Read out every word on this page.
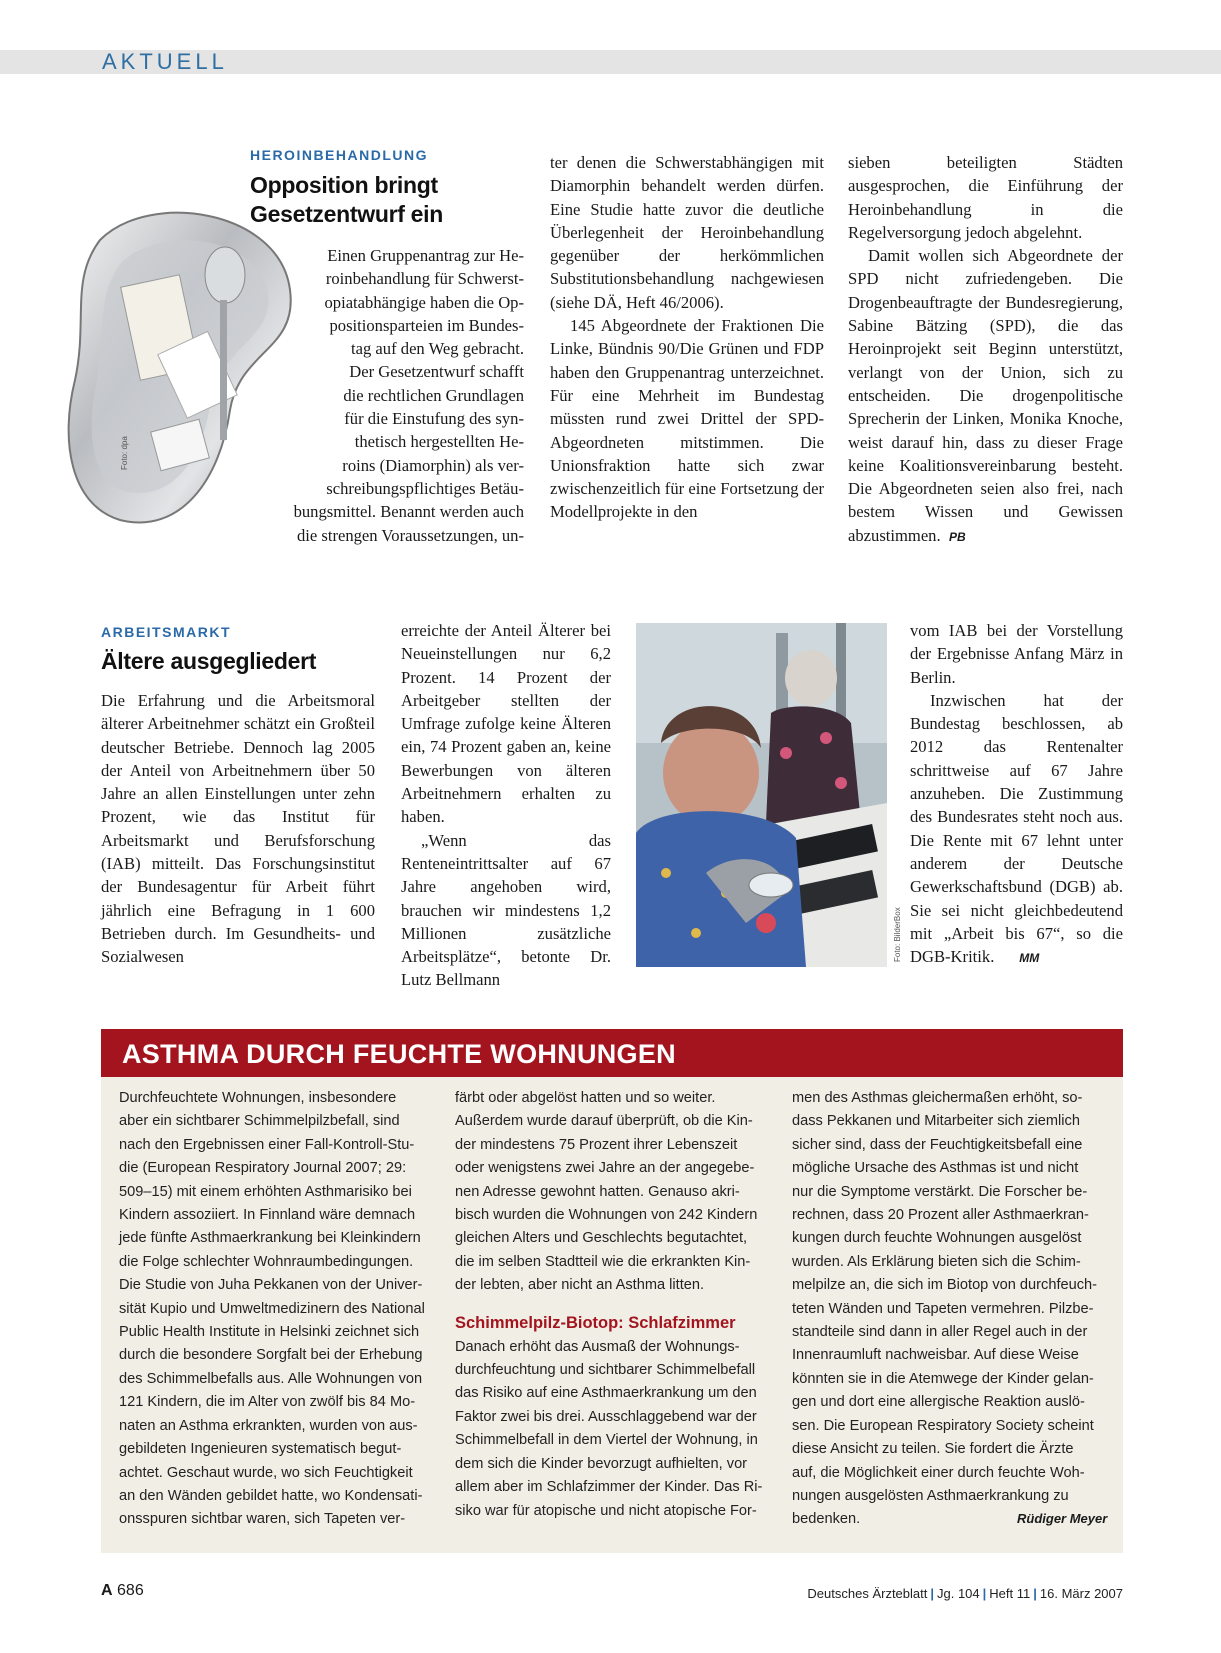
AKTUELL
Foto: dpa
HEROINBEHANDLUNG
Opposition bringt
Gesetzentwurf ein
Einen Gruppenantrag zur He-
roinbehandlung für Schwerst-
opiatabhängige haben die Op-
positionsparteien im Bundes-
tag auf den Weg gebracht.
Der Gesetzentwurf schafft
die rechtlichen Grundlagen
für die Einstufung des syn-
thetisch hergestellten He-
roins (Diamorphin) als ver-
schreibungspflichtiges Betäu-
bungsmittel. Benannt werden auch
die strengen Voraussetzungen, un-

ter denen die Schwerstabhängigen mit Diamorphin behandelt werden dürfen. Eine Studie hatte zuvor die deutliche Überlegenheit der Heroinbehandlung gegenüber der herkömmlichen Substitutionsbehandlung nachgewiesen (siehe DÄ, Heft 46/2006).

145 Abgeordnete der Fraktionen Die Linke, Bündnis 90/Die Grünen und FDP haben den Gruppenantrag unterzeichnet. Für eine Mehrheit im Bundestag müssten rund zwei Drittel der SPD-Abgeordneten mitstimmen. Die Unionsfraktion hatte sich zwar zwischenzeitlich für eine Fortsetzung der Modellprojekte in den

sieben beteiligten Städten ausgesprochen, die Einführung der Heroinbehandlung in die Regelversorgung jedoch abgelehnt.

Damit wollen sich Abgeordnete der SPD nicht zufriedengeben. Die Drogenbeauftragte der Bundesregierung, Sabine Bätzing (SPD), die das Heroinprojekt seit Beginn unterstützt, verlangt von der Union, sich zu entscheiden. Die drogenpolitische Sprecherin der Linken, Monika Knoche, weist darauf hin, dass zu dieser Frage keine Koalitionsvereinbarung besteht. Die Abgeordneten seien also frei, nach bestem Wissen und Gewissen abzustimmen. PB

ARBEITSMARKT
Ältere ausgegliedert

Die Erfahrung und die Arbeitsmoral älterer Arbeitnehmer schätzt ein Großteil deutscher Betriebe. Dennoch lag 2005 der Anteil von Arbeitnehmern über 50 Jahre an allen Einstellungen unter zehn Prozent, wie das Institut für Arbeitsmarkt und Berufsforschung (IAB) mitteilt. Das Forschungsinstitut der Bundesagentur für Arbeit führt jährlich eine Befragung in 1 600 Betrieben durch. Im Gesundheits- und Sozialwesen

erreichte der Anteil Älterer bei Neueinstellungen nur 6,2 Prozent. 14 Prozent der Arbeitgeber stellten der Umfrage zufolge keine Älteren ein, 74 Prozent gaben an, keine Bewerbungen von älteren Arbeitnehmern erhalten zu haben.

„Wenn das Renteneintrittsalter auf 67 Jahre angehoben wird, brauchen wir mindestens 1,2 Millionen zusätzliche Arbeitsplätze“, betonte Dr. Lutz Bellmann

Foto: BilderBox

vom IAB bei der Vorstellung der Ergebnisse Anfang März in Berlin.

Inzwischen hat der Bundestag beschlossen, ab 2012 das Rentenalter schrittweise auf 67 Jahre anzuheben. Die Zustimmung des Bundesrates steht noch aus. Die Rente mit 67 lehnt unter anderem der Deutsche Gewerkschaftsbund (DGB) ab. Sie sei nicht gleichbedeutend mit „Arbeit bis 67“, so die DGB-Kritik. MM

ASTHMA DURCH FEUCHTE WOHNUNGEN
Durchfeuchtete Wohnungen, insbesondere
aber ein sichtbarer Schimmelpilzbefall, sind
nach den Ergebnissen einer Fall-Kontroll-Stu-
die (European Respiratory Journal 2007; 29:
509–15) mit einem erhöhten Asthmarisiko bei
Kindern assoziiert. In Finnland wäre demnach
jede fünfte Asthmaerkrankung bei Kleinkindern
die Folge schlechter Wohnraumbedingungen.
Die Studie von Juha Pekkanen von der Univer-
sität Kupio und Umweltmedizinern des National
Public Health Institute in Helsinki zeichnet sich
durch die besondere Sorgfalt bei der Erhebung
des Schimmelbefalls aus. Alle Wohnungen von
121 Kindern, die im Alter von zwölf bis 84 Mo-
naten an Asthma erkrankten, wurden von aus-
gebildeten Ingenieuren systematisch begut-
achtet. Geschaut wurde, wo sich Feuchtigkeit
an den Wänden gebildet hatte, wo Kondensati-
onsspuren sichtbar waren, sich Tapeten ver-
färbt oder abgelöst hatten und so weiter.
Außerdem wurde darauf überprüft, ob die Kin-
der mindestens 75 Prozent ihrer Lebenszeit
oder wenigstens zwei Jahre an der angegebe-
nen Adresse gewohnt hatten. Genauso akri-
bisch wurden die Wohnungen von 242 Kindern
gleichen Alters und Geschlechts begutachtet,
die im selben Stadtteil wie die erkrankten Kin-
der lebten, aber nicht an Asthma litten.
Schimmelpilz-Biotop: Schlafzimmer
Danach erhöht das Ausmaß der Wohnungs-
durchfeuchtung und sichtbarer Schimmelbefall
das Risiko auf eine Asthmaerkrankung um den
Faktor zwei bis drei. Ausschlaggebend war der
Schimmelbefall in dem Viertel der Wohnung, in
dem sich die Kinder bevorzugt aufhielten, vor
allem aber im Schlafzimmer der Kinder. Das Ri-
siko war für atopische und nicht atopische For-
men des Asthmas gleichermaßen erhöht, so-
dass Pekkanen und Mitarbeiter sich ziemlich
sicher sind, dass der Feuchtigkeitsbefall eine
mögliche Ursache des Asthmas ist und nicht
nur die Symptome verstärkt. Die Forscher be-
rechnen, dass 20 Prozent aller Asthmaerkran-
kungen durch feuchte Wohnungen ausgelöst
wurden. Als Erklärung bieten sich die Schim-
melpilze an, die sich im Biotop von durchfeuch-
teten Wänden und Tapeten vermehren. Pilzbe-
standteile sind dann in aller Regel auch in der
Innenraumluft nachweisbar. Auf diese Weise
könnten sie in die Atemwege der Kinder gelan-
gen und dort eine allergische Reaktion auslö-
sen. Die European Respiratory Society scheint
diese Ansicht zu teilen. Sie fordert die Ärzte
auf, die Möglichkeit einer durch feuchte Woh-
nungen ausgelösten Asthmaerkrankung zu
bedenken.	Rüdiger Meyer
A 686	Deutsches Ärzteblatt | Jg. 104 | Heft 11 | 16. März 2007
